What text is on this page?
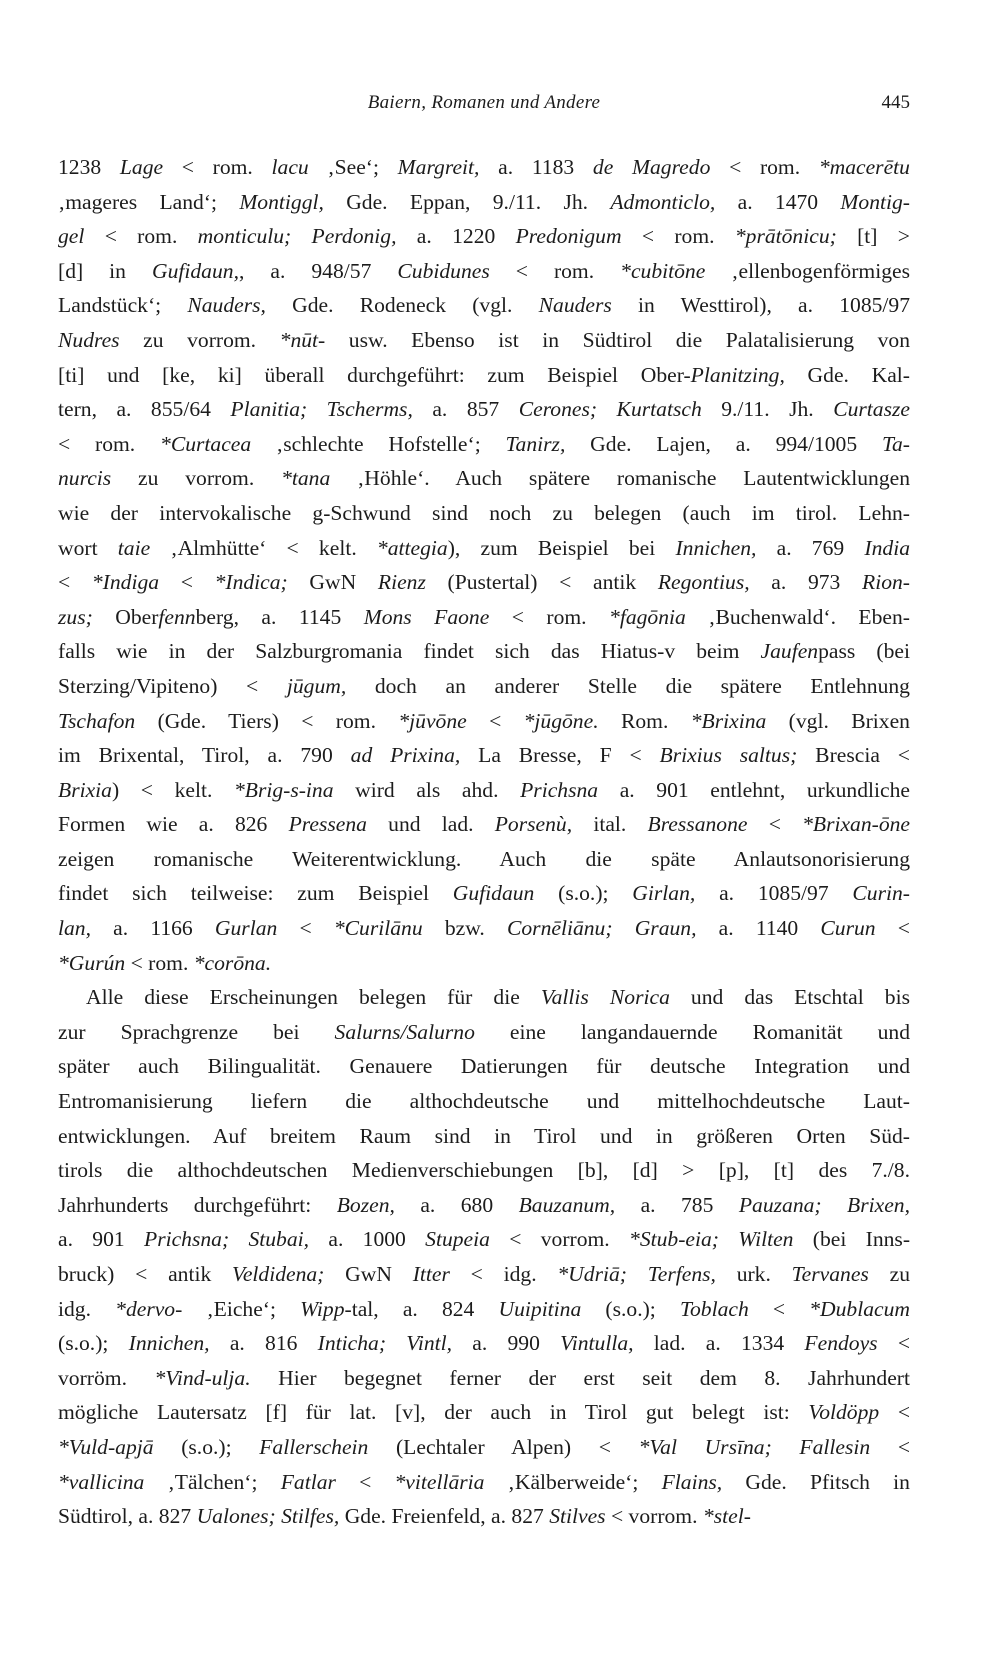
Baiern, Romanen und Andere	445
1238 Lage < rom. lacu ‚See‘; Margreit, a. 1183 de Magredo < rom. *macerētu
‚mageres Land‘; Montiggl, Gde. Eppan, 9./11. Jh. Admonticlo, a. 1470 Montig-
gel < rom. monticulu; Perdonig, a. 1220 Predonigum < rom. *prātōnicu; [t] >
[d] in Gufidaun,, a. 948/57 Cubidunes < rom. *cubitōne ‚ellenbogenförmiges
Landstück‘; Nauders, Gde. Rodeneck (vgl. Nauders in Westtirol), a. 1085/97
Nudres zu vorrom. *nūt- usw. Ebenso ist in Südtirol die Palatalisierung von
[ti] und [ke, ki] überall durchgeführt: zum Beispiel Ober-Planitzing, Gde. Kal-
tern, a. 855/64 Planitia; Tscherms, a. 857 Cerones; Kurtatsch 9./11. Jh. Curtasze
< rom. *Curtacea ‚schlechte Hofstelle‘; Tanirz, Gde. Lajen, a. 994/1005 Ta-
nurcis zu vorrom. *tana ‚Höhle‘. Auch spätere romanische Lautentwicklungen
wie der intervokalische g-Schwund sind noch zu belegen (auch im tirol. Lehn-
wort taie ‚Almhütte‘ < kelt. *attegia), zum Beispiel bei Innichen, a. 769 India
< *Indiga < *Indica; GwN Rienz (Pustertal) < antik Regontius, a. 973 Rion-
zus; Oberfennberg, a. 1145 Mons Faone < rom. *fagōnia ‚Buchenwald‘. Eben-
falls wie in der Salzburgromania findet sich das Hiatus-v beim Jaufenpass (bei
Sterzing/Vipiteno) < jūgum, doch an anderer Stelle die spätere Entlehnung
Tschafon (Gde. Tiers) < rom. *jūvōne < *jūgōne. Rom. *Brixina (vgl. Brixen
im Brixental, Tirol, a. 790 ad Prixina, La Bresse, F < Brixius saltus; Brescia <
Brixia) < kelt. *Brig-s-ina wird als ahd. Prichsna a. 901 entlehnt, urkundliche
Formen wie a. 826 Pressena und lad. Porsenù, ital. Bressanone < *Brixan-ōne
zeigen romanische Weiterentwicklung. Auch die späte Anlautsonorisierung
findet sich teilweise: zum Beispiel Gufidaun (s.o.); Girlan, a. 1085/97 Curin-
lan, a. 1166 Gurlan < *Curilānu bzw. Cornēliānu; Graun, a. 1140 Curun <
*Gurún < rom. *corōna.
Alle diese Erscheinungen belegen für die Vallis Norica und das Etschtal bis
zur Sprachgrenze bei Salurns/Salurno eine langandauernde Romanität und
später auch Bilingualität. Genauere Datierungen für deutsche Integration und
Entromanisierung liefern die althochdeutsche und mittelhochdeutsche Laut-
entwicklungen. Auf breitem Raum sind in Tirol und in größeren Orten Süd-
tirols die althochdeutschen Medienverschiebungen [b], [d] > [p], [t] des 7./8.
Jahrhunderts durchgeführt: Bozen, a. 680 Bauzanum, a. 785 Pauzana; Brixen,
a. 901 Prichsna; Stubai, a. 1000 Stupeia < vorrom. *Stub-eia; Wilten (bei Inns-
bruck) < antik Veldidena; GwN Itter < idg. *Udriā; Terfens, urk. Tervanes zu
idg. *dervo- ‚Eiche‘; Wipp-tal, a. 824 Uuipitina (s.o.); Toblach < *Dublacum
(s.o.); Innichen, a. 816 Inticha; Vintl, a. 990 Vintulla, lad. a. 1334 Fendoys <
vorröm. *Vind-ulja. Hier begegnet ferner der erst seit dem 8. Jahrhundert
mögliche Lautersatz [f] für lat. [v], der auch in Tirol gut belegt ist: Voldöpp <
*Vuld-apjā (s.o.); Fallerschein (Lechtaler Alpen) < *Val Ursīna; Fallesin <
*vallicina ‚Tälchen‘; Fatlar < *vitellāria ‚Kälberweide‘; Flains, Gde. Pfitsch in
Südtirol, a. 827 Ualones; Stilfes, Gde. Freienfeld, a. 827 Stilves < vorrom. *stel-
